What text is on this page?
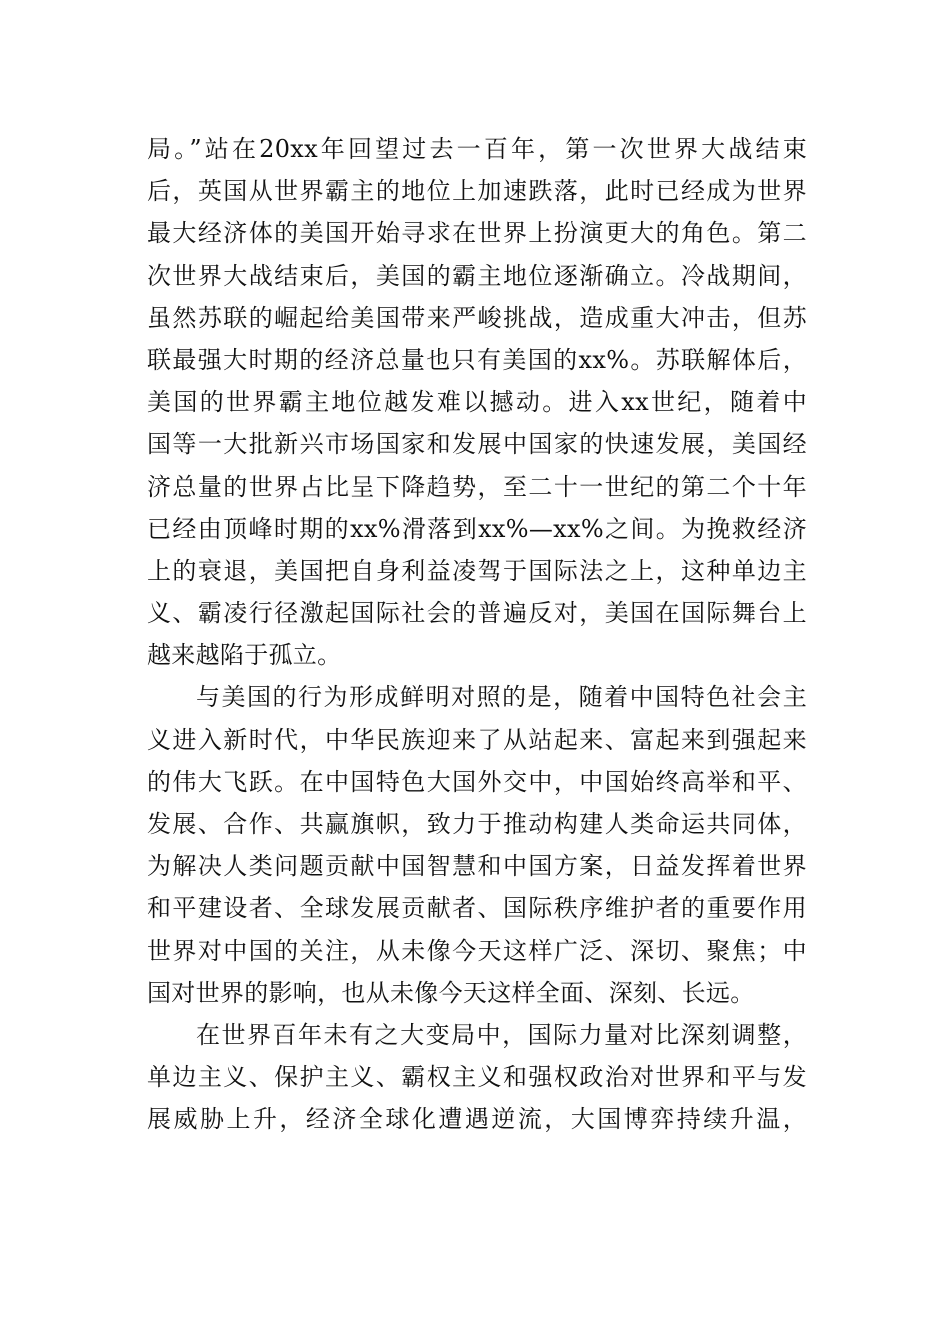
局。”站在20xx年回望过去一百年，第一次世界大战结束
后，英国从世界霸主的地位上加速跌落，此时已经成为世界
最大经济体的美国开始寻求在世界上扮演更大的角色。第二
次世界大战结束后，美国的霸主地位逐渐确立。冷战期间，
虽然苏联的崛起给美国带来严峻挑战，造成重大冲击，但苏
联最强大时期的经济总量也只有美国的xx%。苏联解体后，
美国的世界霸主地位越发难以撼动。进入xx世纪，随着中
国等一大批新兴市场国家和发展中国家的快速发展，美国经
济总量的世界占比呈下降趋势，至二十一世纪的第二个十年
已经由顶峰时期的xx%滑落到xx%—xx%之间。为挽救经济
上的衰退，美国把自身利益凌驾于国际法之上，这种单边主
义、霸凌行径激起国际社会的普遍反对，美国在国际舞台上
越来越陷于孤立。
与美国的行为形成鲜明对照的是，随着中国特色社会主
义进入新时代，中华民族迎来了从站起来、富起来到强起来
的伟大飞跃。在中国特色大国外交中，中国始终高举和平、
发展、合作、共赢旗帜，致力于推动构建人类命运共同体，
为解决人类问题贡献中国智慧和中国方案，日益发挥着世界
和平建设者、全球发展贡献者、国际秩序维护者的重要作用
世界对中国的关注，从未像今天这样广泛、深切、聚焦；中
国对世界的影响，也从未像今天这样全面、深刻、长远。
在世界百年未有之大变局中，国际力量对比深刻调整，
单边主义、保护主义、霸权主义和强权政治对世界和平与发
展威胁上升，经济全球化遭遇逆流，大国博弈持续升温，
